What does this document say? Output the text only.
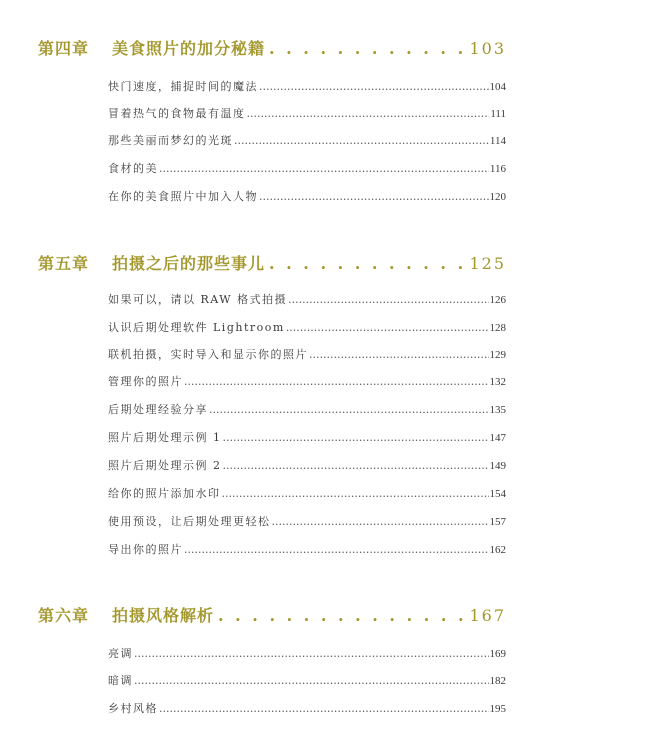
第四章	美食照片的加分秘籍 . . .	103
快门速度，捕捉时间的魔法 .....	104
冒着热气的食物最有温度 .....	111
那些美丽而梦幻的光斑 .....	114
食材的美 .....	116
在你的美食照片中加入人物 .....	120
第五章	拍摄之后的那些事儿 . . .	125
如果可以，请以 RAW 格式拍摄 .....	126
认识后期处理软件 Lightroom .....	128
联机拍摄，实时导入和显示你的照片 .....	129
管理你的照片 .....	132
后期处理经验分享 .....	135
照片后期处理示例 1 .....	147
照片后期处理示例 2 .....	149
给你的照片添加水印 .....	154
使用预设，让后期处理更轻松 .....	157
导出你的照片 .....	162
第六章	拍摄风格解析 . . .	167
亮调 .....	169
暗调 .....	182
乡村风格 .....	195
